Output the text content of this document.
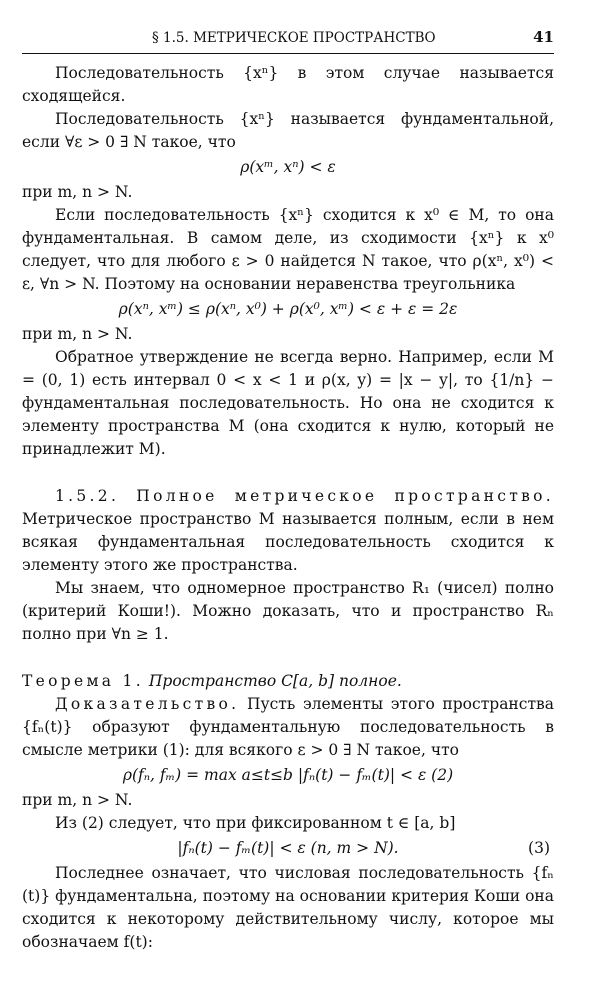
§ 1.5. МЕТРИЧЕСКОЕ ПРОСТРАНСТВО	41

Последовательность {xⁿ} в этом случае называется сходящейся.

Последовательность {xⁿ} называется фундаментальной, если ∀ε > 0 ∃ N такое, что

ρ(xᵐ, xⁿ) < ε

при m, n > N.

Если последовательность {xⁿ} сходится к x⁰ ∈ M, то она фундаментальная. В самом деле, из сходимости {xⁿ} к x⁰ следует, что для любого ε > 0 найдется N такое, что ρ(xⁿ, x⁰) < ε, ∀n > N. Поэтому на основании неравенства треугольника

ρ(xⁿ, xᵐ) ≤ ρ(xⁿ, x⁰) + ρ(x⁰, xᵐ) < ε + ε = 2ε

при m, n > N.

Обратное утверждение не всегда верно. Например, если M = (0, 1) есть интервал 0 < x < 1 и ρ(x, y) = |x − y|, то {1/n} − фундаментальная последовательность. Но она не сходится к элементу пространства M (она сходится к нулю, который не принадлежит M).

1.5.2. Полное метрическое пространство. Метрическое пространство M называется полным, если в нем всякая фундаментальная последовательность сходится к элементу этого же пространства.

Мы знаем, что одномерное пространство R₁ (чисел) полно (критерий Коши!). Можно доказать, что и пространство Rₙ полно при ∀n ≥ 1.

Теорема 1. Пространство C[a, b] полное.

Доказательство. Пусть элементы этого пространства {fₙ(t)} образуют фундаментальную последовательность в смысле метрики (1): для всякого ε > 0 ∃ N такое, что

ρ(fₙ, fₘ) = max a≤t≤b |fₙ(t) − fₘ(t)| < ε (2)

при m, n > N.

Из (2) следует, что при фиксированном t ∈ [a, b]

|fₙ(t) − fₘ(t)| < ε (n, m > N).	(3)

Последнее означает, что числовая последовательность {fₙ (t)} фундаментальна, поэтому на основании критерия Коши она сходится к некоторому действительному числу, которое мы обозначаем f(t):
